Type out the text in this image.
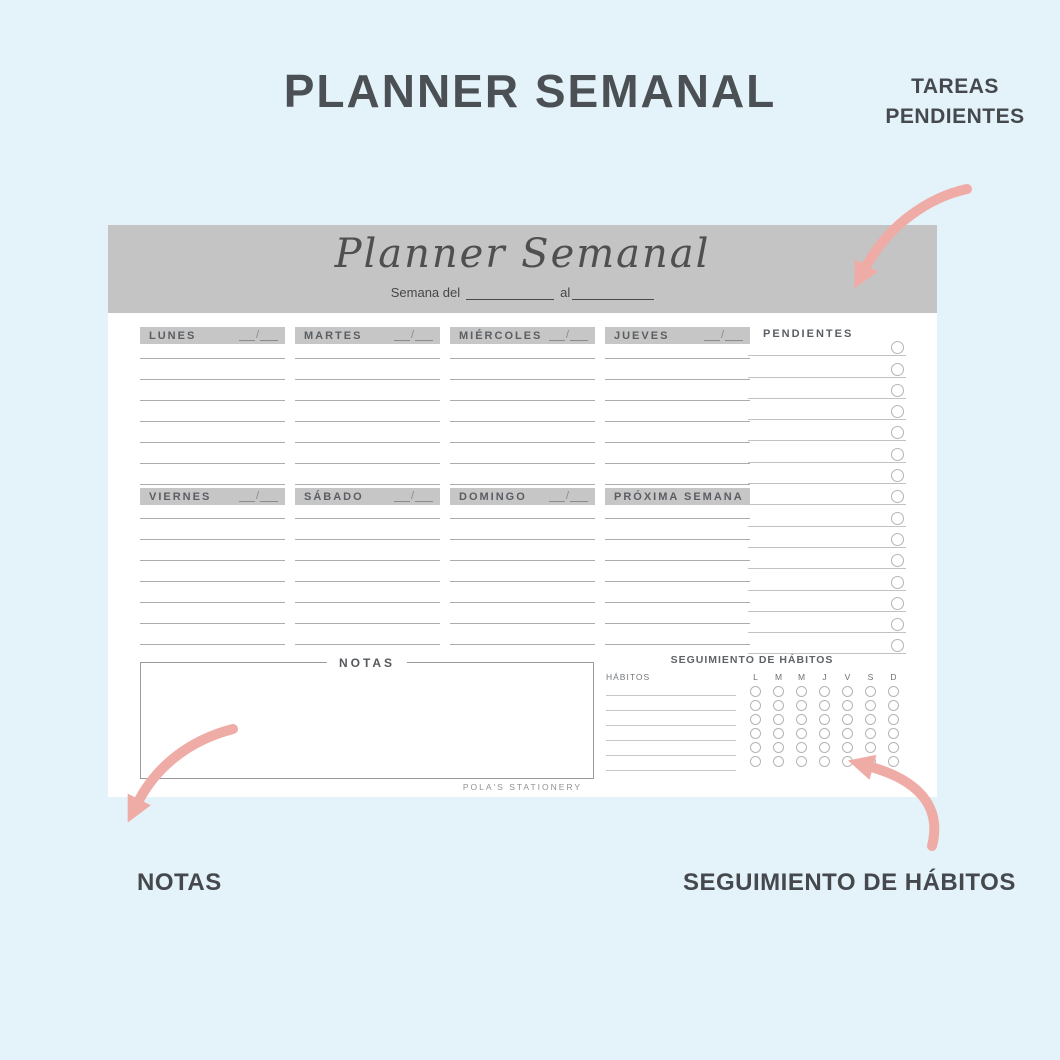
PLANNER SEMANAL	TAREAS
PENDIENTES
Planner Semanal
Semana del	al
LUNES	/	MARTES	/	MIÉRCOLES /	JUEVES	/
VIERNES	/	SÁBADO	/	DOMINGO	/	PRÓXIMA SEMANA
PENDIENTES
NOTAS	SEGUIMIENTO DE HÁBITOS
HÁBITOS	L M M J V S D
POLA'S STATIONERY
NOTAS	SEGUIMIENTO DE HÁBITOS
